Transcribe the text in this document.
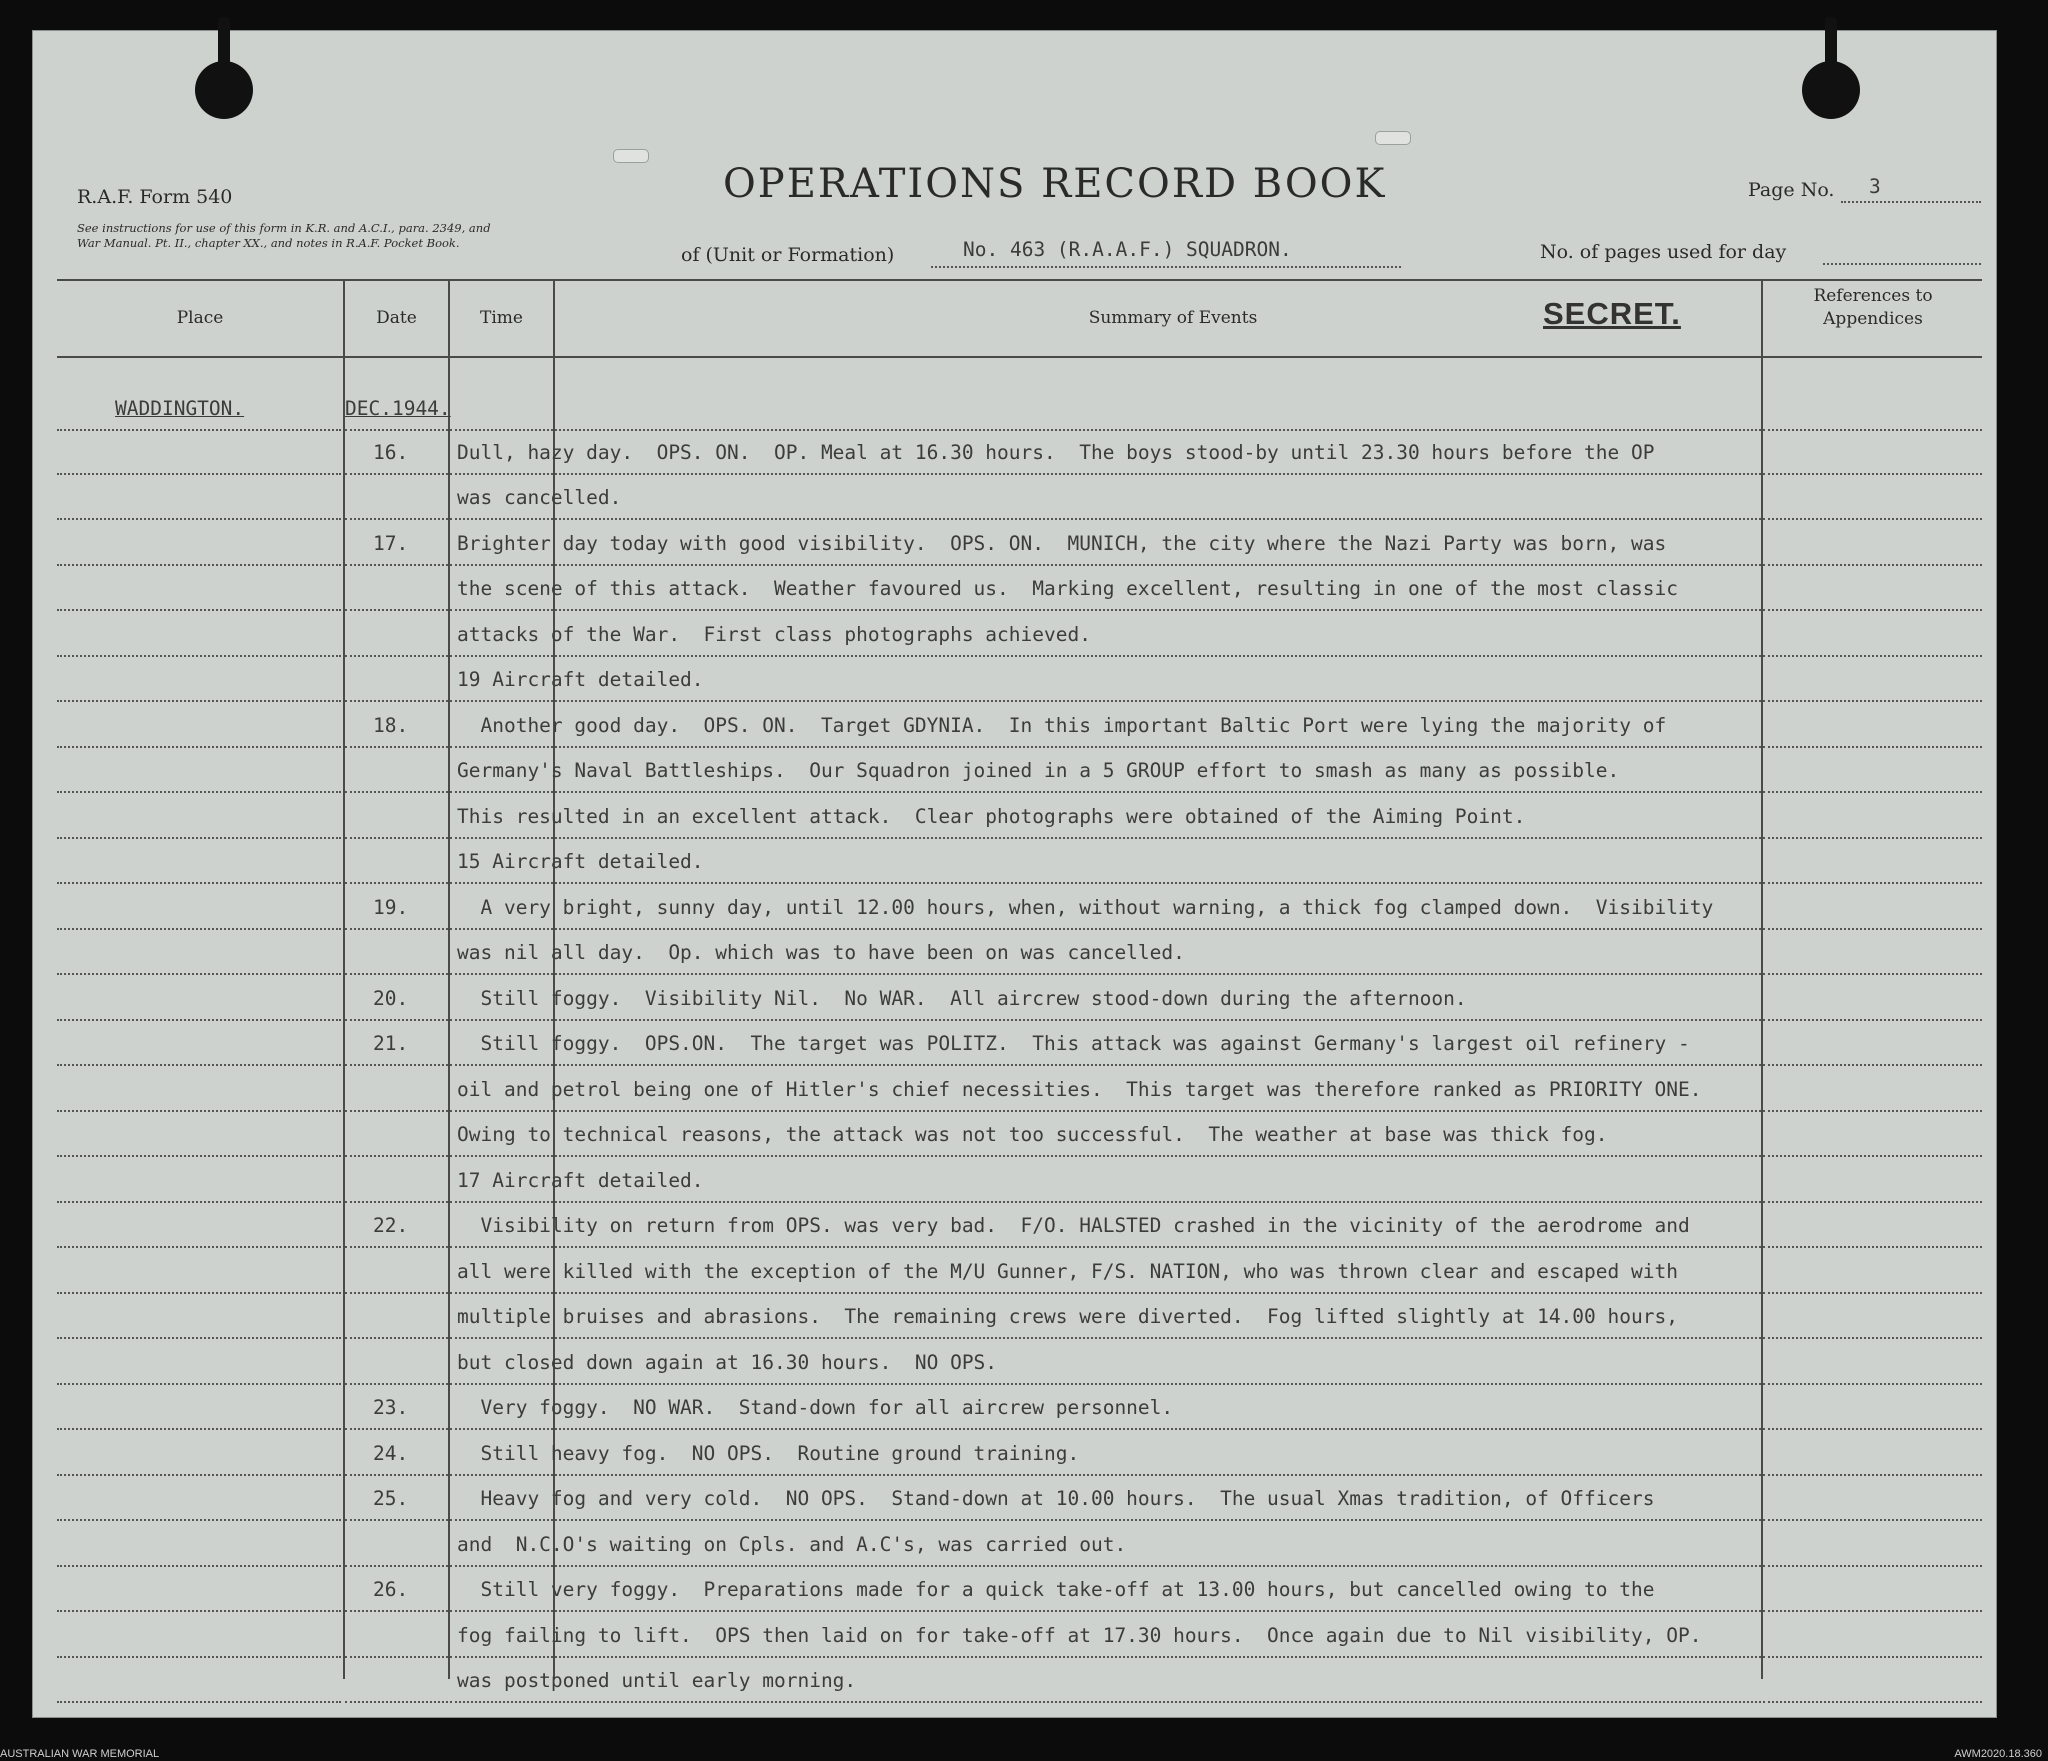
R.A.F. Form 540
See instructions for use of this form in K.R. and A.C.I., para. 2349, and War Manual. Pt. II., chapter XX., and notes in R.A.F. Pocket Book.
OPERATIONS RECORD BOOK	Page No. 3
of (Unit or Formation)	No. 463 (R.A.A.F.) SQUADRON.	No. of pages used for day
Place	Date	Time	Summary of Events	SECRET.	References to Appendices
WADDINGTON.	DEC.1944.
16.	Dull, hazy day.  OPS. ON.  OP. Meal at 16.30 hours.  The boys stood-by until 23.30 hours before the OP
was cancelled.
17.	Brighter day today with good visibility.  OPS. ON.  MUNICH, the city where the Nazi Party was born, was
the scene of this attack.  Weather favoured us.  Marking excellent, resulting in one of the most classic
attacks of the War.  First class photographs achieved.
19 Aircraft detailed.
18.	Another good day.  OPS. ON.  Target GDYNIA.  In this important Baltic Port were lying the majority of
Germany's Naval Battleships.  Our Squadron joined in a 5 GROUP effort to smash as many as possible.
This resulted in an excellent attack.  Clear photographs were obtained of the Aiming Point.
15 Aircraft detailed.
19.	A very bright, sunny day, until 12.00 hours, when, without warning, a thick fog clamped down.  Visibility
was nil all day.  Op. which was to have been on was cancelled.
20.	Still foggy.  Visibility Nil.  No WAR.  All aircrew stood-down during the afternoon.
21.	Still foggy.  OPS.ON.  The target was POLITZ.  This attack was against Germany's largest oil refinery -
oil and petrol being one of Hitler's chief necessities.  This target was therefore ranked as PRIORITY ONE.
Owing to technical reasons, the attack was not too successful.  The weather at base was thick fog.
17 Aircraft detailed.
22.	Visibility on return from OPS. was very bad.  F/O. HALSTED crashed in the vicinity of the aerodrome and
all were killed with the exception of the M/U Gunner, F/S. NATION, who was thrown clear and escaped with
multiple bruises and abrasions.  The remaining crews were diverted.  Fog lifted slightly at 14.00 hours,
but closed down again at 16.30 hours.  NO OPS.
23.	Very foggy.  NO WAR.  Stand-down for all aircrew personnel.
24.	Still heavy fog.  NO OPS.  Routine ground training.
25.	Heavy fog and very cold.  NO OPS.  Stand-down at 10.00 hours.  The usual Xmas tradition, of Officers
and  N.C.O's waiting on Cpls. and A.C's, was carried out.
26.	Still very foggy.  Preparations made for a quick take-off at 13.00 hours, but cancelled owing to the
fog failing to lift.  OPS then laid on for take-off at 17.30 hours.  Once again due to Nil visibility, OP.
was postponed until early morning.
AUSTRALIAN WAR MEMORIAL	AWM2020.18.360
